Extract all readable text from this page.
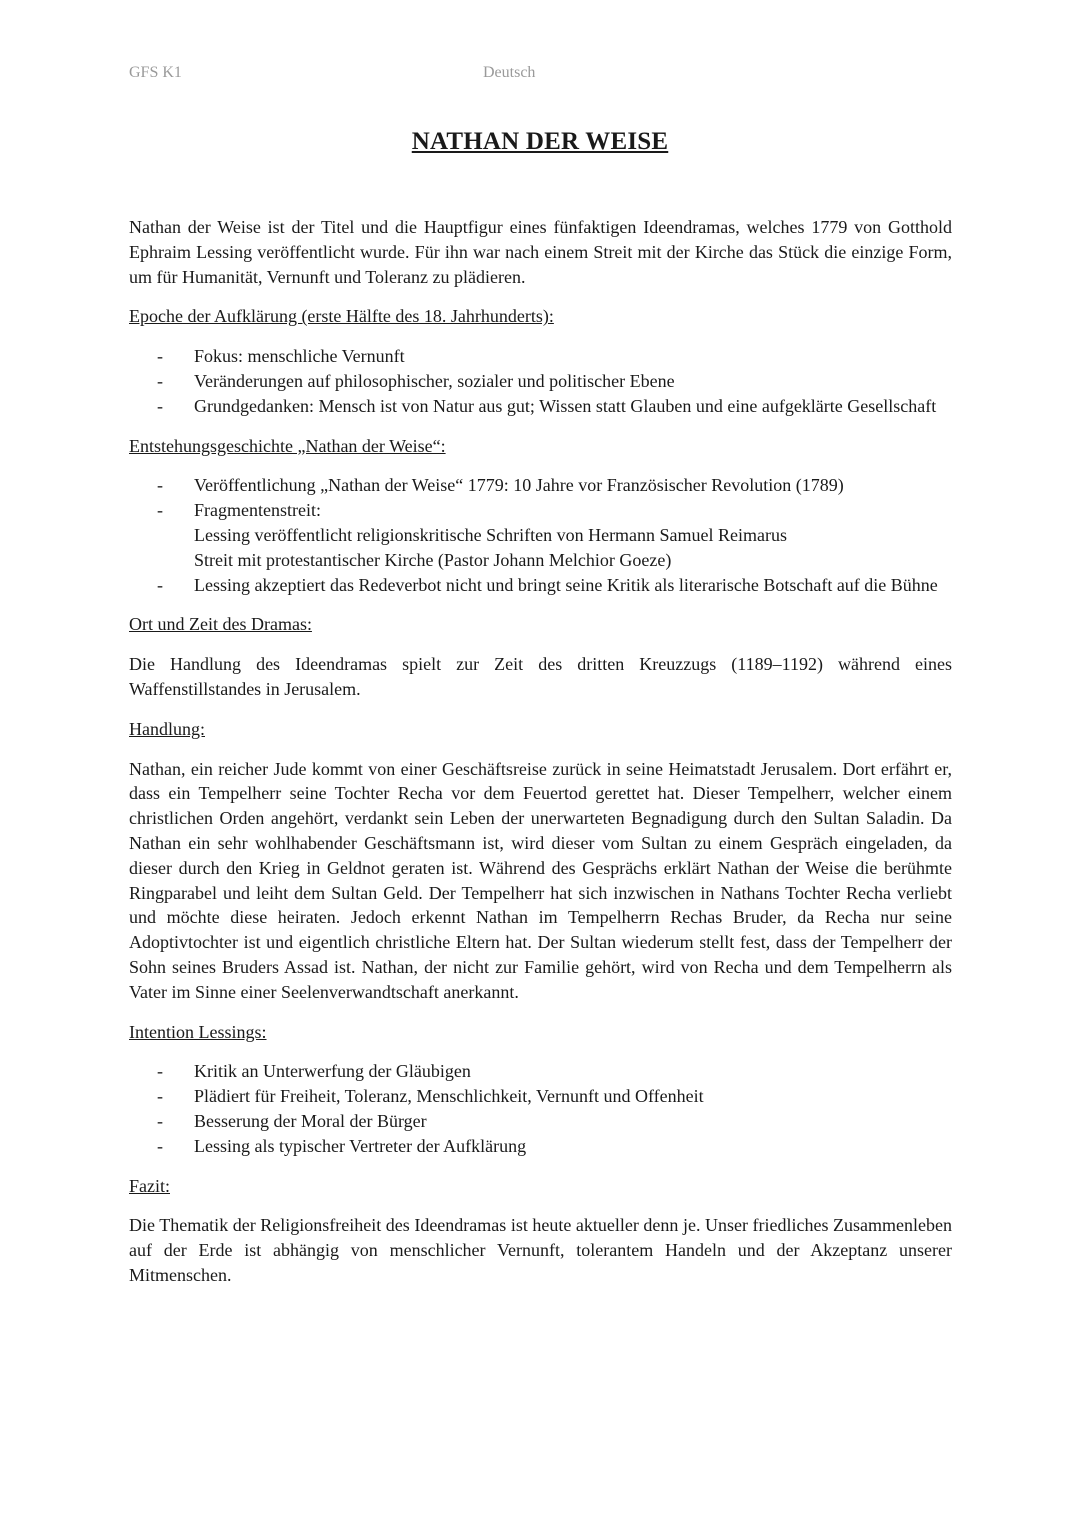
GFS K1	Deutsch
NATHAN DER WEISE

Nathan der Weise ist der Titel und die Hauptfigur eines fünfaktigen Ideendramas, welches 1779 von Gotthold Ephraim Lessing veröffentlicht wurde. Für ihn war nach einem Streit mit der Kirche das Stück die einzige Form, um für Humanität, Vernunft und Toleranz zu plädieren.

Epoche der Aufklärung (erste Hälfte des 18. Jahrhunderts):

- Fokus: menschliche Vernunft
- Veränderungen auf philosophischer, sozialer und politischer Ebene
- Grundgedanken: Mensch ist von Natur aus gut; Wissen statt Glauben und eine aufgeklärte Gesellschaft

Entstehungsgeschichte „Nathan der Weise“:

- Veröffentlichung „Nathan der Weise“ 1779: 10 Jahre vor Französischer Revolution (1789)
- Fragmentenstreit:
Lessing veröffentlicht religionskritische Schriften von Hermann Samuel Reimarus
Streit mit protestantischer Kirche (Pastor Johann Melchior Goeze)
- Lessing akzeptiert das Redeverbot nicht und bringt seine Kritik als literarische Botschaft auf die Bühne

Ort und Zeit des Dramas:

Die Handlung des Ideendramas spielt zur Zeit des dritten Kreuzzugs (1189–1192) während eines Waffenstillstandes in Jerusalem.

Handlung:

Nathan, ein reicher Jude kommt von einer Geschäftsreise zurück in seine Heimatstadt Jerusalem. Dort erfährt er, dass ein Tempelherr seine Tochter Recha vor dem Feuertod gerettet hat. Dieser Tempelherr, welcher einem christlichen Orden angehört, verdankt sein Leben der unerwarteten Begnadigung durch den Sultan Saladin. Da Nathan ein sehr wohlhabender Geschäftsmann ist, wird dieser vom Sultan zu einem Gespräch eingeladen, da dieser durch den Krieg in Geldnot geraten ist. Während des Gesprächs erklärt Nathan der Weise die berühmte Ringparabel und leiht dem Sultan Geld. Der Tempelherr hat sich inzwischen in Nathans Tochter Recha verliebt und möchte diese heiraten. Jedoch erkennt Nathan im Tempelherrn Rechas Bruder, da Recha nur seine Adoptivtochter ist und eigentlich christliche Eltern hat. Der Sultan wiederum stellt fest, dass der Tempelherr der Sohn seines Bruders Assad ist. Nathan, der nicht zur Familie gehört, wird von Recha und dem Tempelherrn als Vater im Sinne einer Seelenverwandtschaft anerkannt.

Intention Lessings:

- Kritik an Unterwerfung der Gläubigen
- Plädiert für Freiheit, Toleranz, Menschlichkeit, Vernunft und Offenheit
- Besserung der Moral der Bürger
- Lessing als typischer Vertreter der Aufklärung

Fazit:

Die Thematik der Religionsfreiheit des Ideendramas ist heute aktueller denn je. Unser friedliches Zusammenleben auf der Erde ist abhängig von menschlicher Vernunft, tolerantem Handeln und der Akzeptanz unserer Mitmenschen.
